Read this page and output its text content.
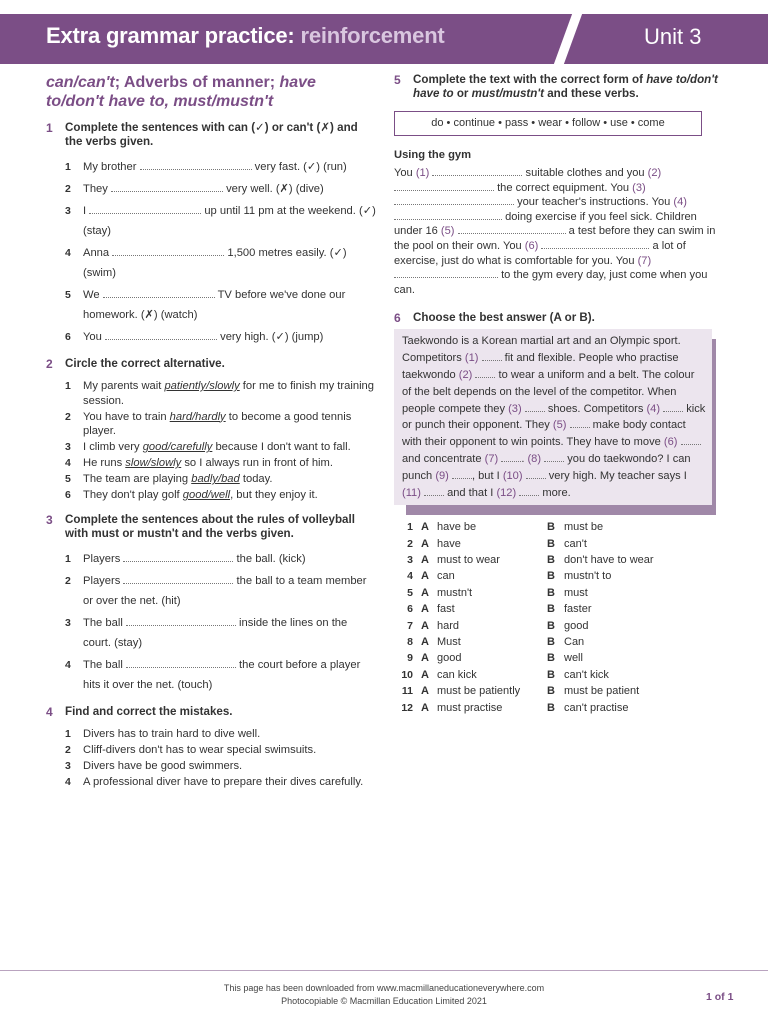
Extra grammar practice: reinforcement	Unit 3
can/can't; Adverbs of manner; have to/don't have to, must/mustn't
1 Complete the sentences with can (✓) or can't (✗) and the verbs given.
1 My brother	very fast. (✓) (run)
2 They	very well. (✗) (dive)
3 I	up until 11 pm at the weekend. (✓) (stay)
4 Anna	1,500 metres easily. (✓) (swim)
5 We	TV before we've done our homework. (✗) (watch)
6 You	very high. (✓) (jump)
2 Circle the correct alternative.
1 My parents wait patiently/slowly for me to finish my training session.
2 You have to train hard/hardly to become a good tennis player.
3 I climb very good/carefully because I don't want to fall.
4 He runs slow/slowly so I always run in front of him.
5 The team are playing badly/bad today.
6 They don't play golf good/well, but they enjoy it.
3 Complete the sentences about the rules of volleyball with must or mustn't and the verbs given.
1 Players	the ball. (kick)
2 Players	the ball to a team member or over the net. (hit)
3 The ball	inside the lines on the court. (stay)
4 The ball	the court before a player hits it over the net. (touch)
4 Find and correct the mistakes.
1 Divers has to train hard to dive well.
2 Cliff-divers don't has to wear special swimsuits.
3 Divers have be good swimmers.
4 A professional diver have to prepare their dives carefully.
5 Complete the text with the correct form of have to/don't have to or must/mustn't and these verbs.
do • continue • pass • wear • follow • use • come
Using the gym
You (1)	suitable clothes and you (2)  the correct equipment. You (3)  your teacher's instructions. You (4)  doing exercise if you feel sick. Children under 16 (5)	a test before they can swim in the pool on their own. You (6)	a lot of exercise, just do what is comfortable for you. You (7)  to the gym every day, just come when you can.
6 Choose the best answer (A or B).
Taekwondo is a Korean martial art and an Olympic sport. Competitors (1)  fit and flexible. People who practise taekwondo (2)  to wear a uniform and a belt. The colour of the belt depends on the level of the competitor. When people compete they (3)  shoes. Competitors (4)  kick or punch their opponent. They (5)  make body contact with their opponent to win points. They have to move (6)  and concentrate (7) . (8)  you do taekwondo? I can punch (9) , but I (10)  very high. My teacher says I (11)  and that I (12)  more.
1 A have be	B must be
2 A have	B can't
3 A must to wear	B don't have to wear
4 A can	B mustn't to
5 A mustn't	B must
6 A fast	B faster
7 A hard	B good
8 A Must	B Can
9 A good	B well
10 A can kick	B can't kick
11 A must be patiently B must be patient
12 A must practise	B can't practise
This page has been downloaded from www.macmillaneducationeverywhere.com
Photocopiable © Macmillan Education Limited 2021	1 of 1
